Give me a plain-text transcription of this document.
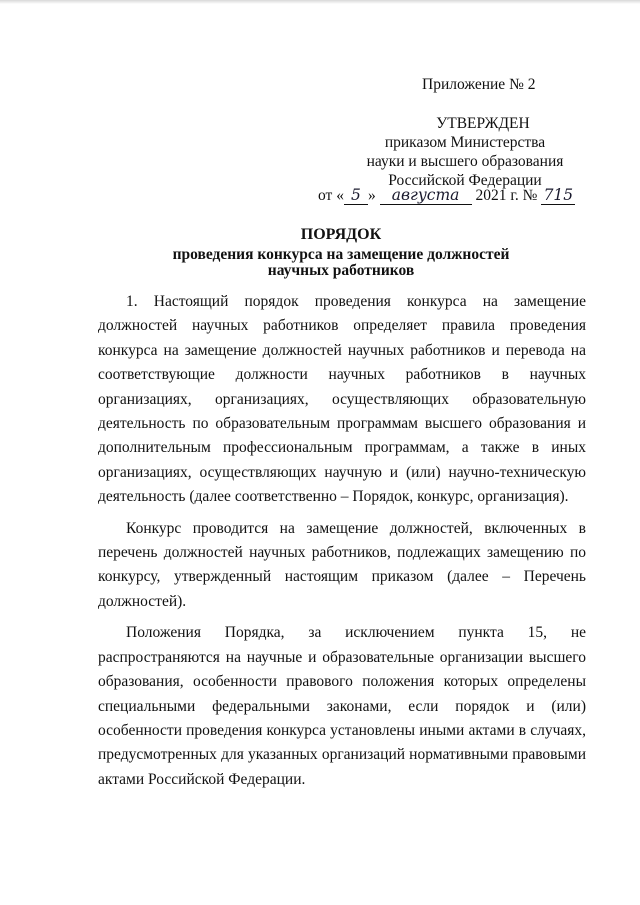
Приложение № 2
УТВЕРЖДЕН
приказом Министерства
науки и высшего образования
Российской Федерации
от « 5 » августа 2021 г. № 715
ПОРЯДОК
проведения конкурса на замещение должностей
научных работников

1. Настоящий порядок проведения конкурса на замещение должностей научных работников определяет правила проведения конкурса на замещение должностей научных работников и перевода на соответствующие должности научных работников в научных организациях, организациях, осуществляющих образовательную деятельность по образовательным программам высшего образования и дополнительным профессиональным программам, а также в иных организациях, осуществляющих научную и (или) научно-техническую деятельность (далее соответственно – Порядок, конкурс, организация).

Конкурс проводится на замещение должностей, включенных в перечень должностей научных работников, подлежащих замещению по конкурсу, утвержденный настоящим приказом (далее – Перечень должностей).

Положения Порядка, за исключением пункта 15, не распространяются на научные и образовательные организации высшего образования, особенности правового положения которых определены специальными федеральными законами, если порядок и (или) особенности проведения конкурса установлены иными актами в случаях, предусмотренных для указанных организаций нормативными правовыми актами Российской Федерации.
